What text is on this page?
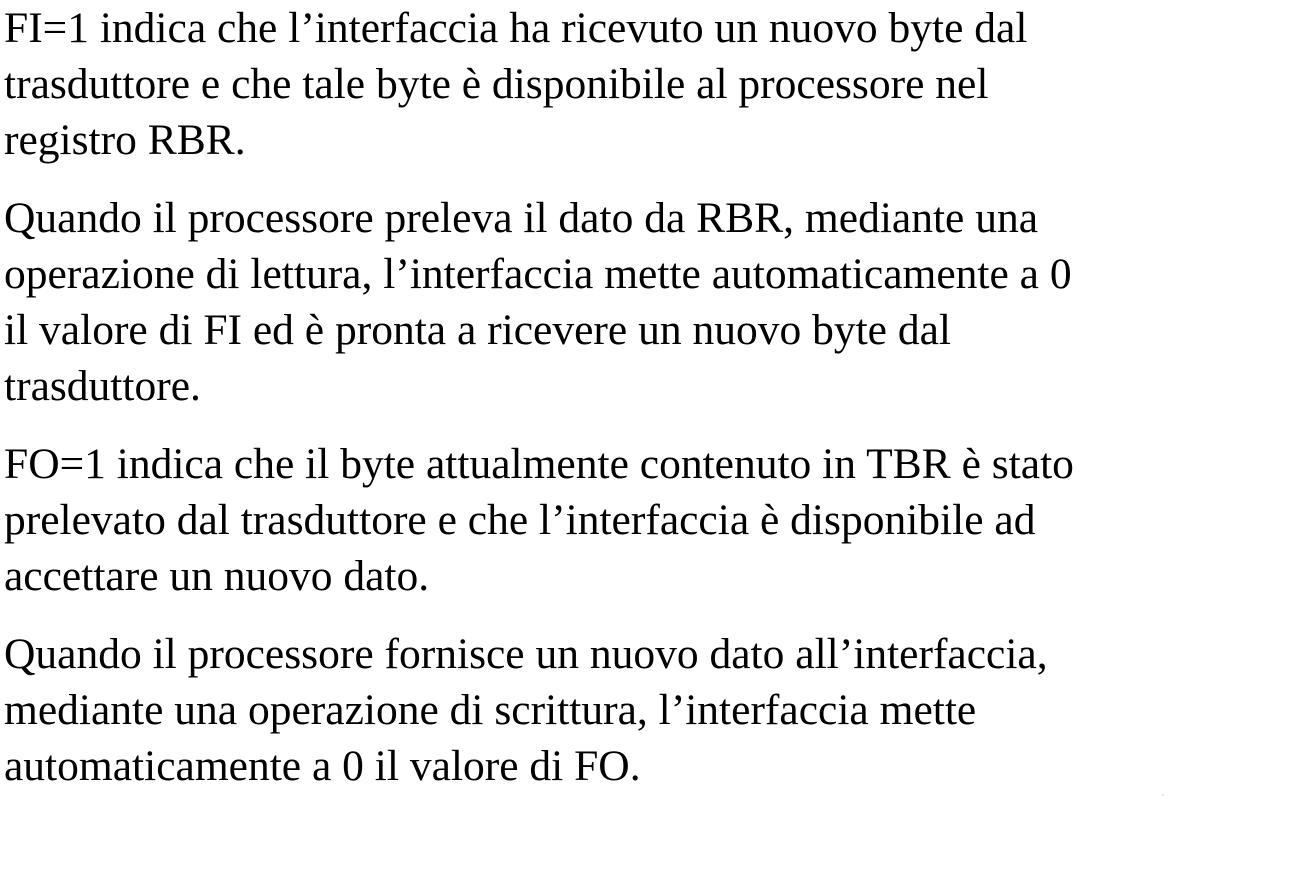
FI=1 indica che l’interfaccia ha ricevuto un nuovo byte dal
trasduttore e che tale byte è disponibile al processore nel
registro RBR.

Quando il processore preleva il dato da RBR, mediante una
operazione di lettura, l’interfaccia mette automaticamente a 0
il valore di FI ed è pronta a ricevere un nuovo byte dal
trasduttore.

FO=1 indica che il byte attualmente contenuto in TBR è stato
prelevato dal trasduttore e che l’interfaccia è disponibile ad
accettare un nuovo dato.

Quando il processore fornisce un nuovo dato all’interfaccia,
mediante una operazione di scrittura, l’interfaccia mette
automaticamente a 0 il valore di FO.
